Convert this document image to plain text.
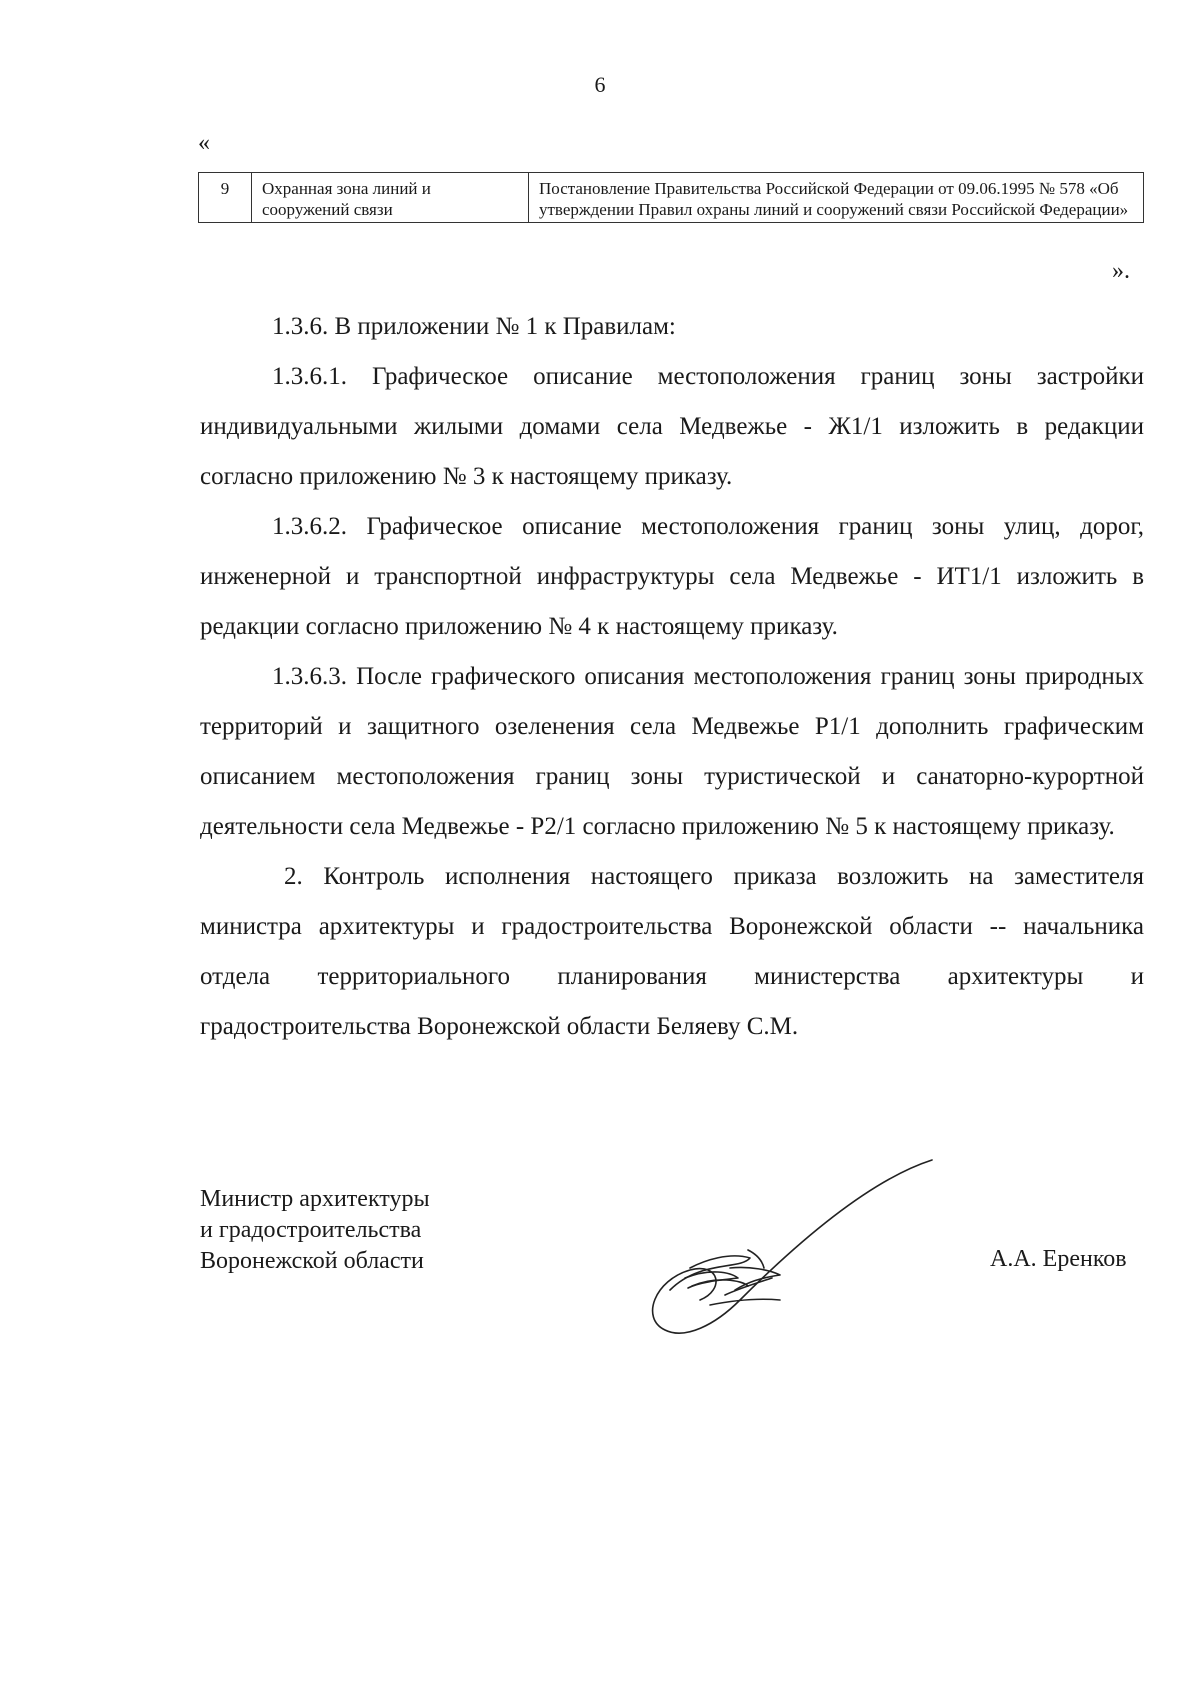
6
«
9	Охранная зона линий и сооружений связи	Постановление Правительства Российской Федерации от 09.06.1995 № 578 «Об утверждении Правил охраны линий и сооружений связи Российской Федерации»
».

1.3.6. В приложении № 1 к Правилам:

1.3.6.1. Графическое описание местоположения границ зоны застройки индивидуальными жилыми домами села Медвежье - Ж1/1 изложить в редакции согласно приложению № 3 к настоящему приказу.

1.3.6.2. Графическое описание местоположения границ зоны улиц, дорог, инженерной и транспортной инфраструктуры села Медвежье - ИТ1/1 изложить в редакции согласно приложению № 4 к настоящему приказу.

1.3.6.3. После графического описания местоположения границ зоны природных территорий и защитного озеленения села Медвежье Р1/1 дополнить графическим описанием местоположения границ зоны туристической и санаторно-курортной деятельности села Медвежье - Р2/1 согласно приложению № 5 к настоящему приказу.

2. Контроль исполнения настоящего приказа возложить на заместителя министра архитектуры и градостроительства Воронежской области -- начальника отдела территориального планирования министерства архитектуры и градостроительства Воронежской области Беляеву С.М.

Министр архитектуры
и градостроительства
Воронежской области	А.А. Еренков
